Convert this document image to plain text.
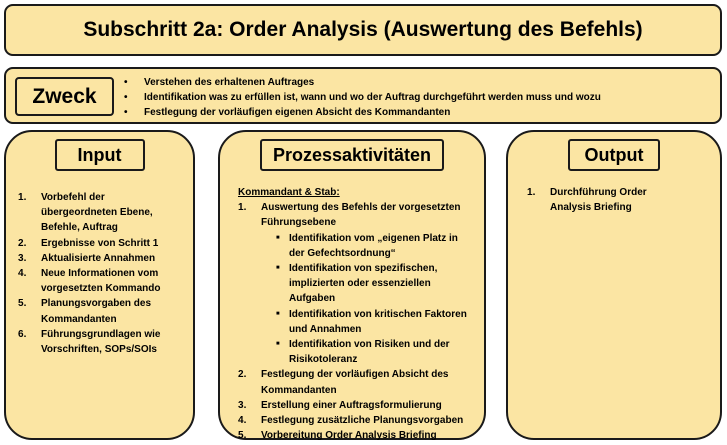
Subschritt 2a: Order Analysis (Auswertung des Befehls)
Zweck
• Verstehen des erhaltenen Auftrages
• Identifikation was zu erfüllen ist, wann und wo der Auftrag durchgeführt werden muss und wozu
• Festlegung der vorläufigen eigenen Absicht des Kommandanten
Input
Vorbefehl der
übergeordneten Ebene,
Befehle, Auftrag
Ergebnisse von Schritt 1
Aktualisierte Annahmen
Neue Informationen vom
vorgesetzten Kommando
Planungsvorgaben des
Kommandanten
Führungsgrundlagen wie
Vorschriften, SOPs/SOIs
Prozessaktivitäten
Kommandant & Stab:
Auswertung des Befehls der vorgesetzten
Führungsebene
■ Identifikation vom „eigenen Platz in
der Gefechtsordnung“
■ Identifikation von spezifischen,
implizierten oder essenziellen
Aufgaben
■ Identifikation von kritischen Faktoren
und Annahmen
■ Identifikation von Risiken und der
Risikotoleranz
Festlegung der vorläufigen Absicht des
Kommandanten
Erstellung einer Auftragsformulierung
Festlegung zusätzliche Planungsvorgaben
Vorbereitung Order Analysis Briefing
Output
Durchführung Order
Analysis Briefing
